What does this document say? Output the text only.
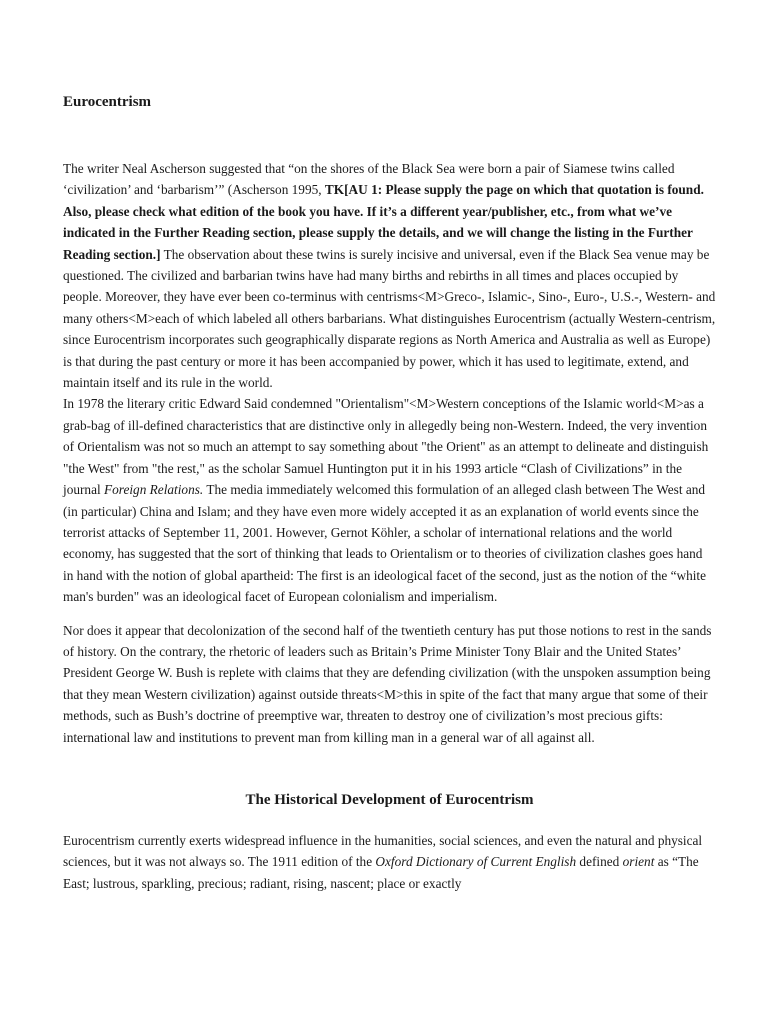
Eurocentrism

The writer Neal Ascherson suggested that “on the shores of the Black Sea were born a pair of Siamese twins called ‘civilization’ and ‘barbarism’” (Ascherson 1995, TK[AU 1: Please supply the page on which that quotation is found. Also, please check what edition of the book you have. If it’s a different year/publisher, etc., from what we’ve indicated in the Further Reading section, please supply the details, and we will change the listing in the Further Reading section.] The observation about these twins is surely incisive and universal, even if the Black Sea venue may be questioned. The civilized and barbarian twins have had many births and rebirths in all times and places occupied by people. Moreover, they have ever been co-terminus with centrisms<M>Greco-, Islamic-, Sino-, Euro-, U.S.-, Western- and many others<M>each of which labeled all others barbarians. What distinguishes Eurocentrism (actually Western-centrism, since Eurocentrism incorporates such geographically disparate regions as North America and Australia as well as Europe) is that during the past century or more it has been accompanied by power, which it has used to legitimate, extend, and maintain itself and its rule in the world.

In 1978 the literary critic Edward Said condemned "Orientalism"<M>Western conceptions of the Islamic world<M>as a grab-bag of ill-defined characteristics that are distinctive only in allegedly being non-Western. Indeed, the very invention of Orientalism was not so much an attempt to say something about "the Orient" as an attempt to delineate and distinguish "the West" from "the rest," as the scholar Samuel Huntington put it in his 1993 article “Clash of Civilizations” in the journal Foreign Relations. The media immediately welcomed this formulation of an alleged clash between The West and (in particular) China and Islam; and they have even more widely accepted it as an explanation of world events since the terrorist attacks of September 11, 2001. However, Gernot Köhler, a scholar of international relations and the world economy, has suggested that the sort of thinking that leads to Orientalism or to theories of civilization clashes goes hand in hand with the notion of global apartheid: The first is an ideological facet of the second, just as the notion of the “white man's burden" was an ideological facet of European colonialism and imperialism.

Nor does it appear that decolonization of the second half of the twentieth century has put those notions to rest in the sands of history. On the contrary, the rhetoric of leaders such as Britain’s Prime Minister Tony Blair and the United States’ President George W. Bush is replete with claims that they are defending civilization (with the unspoken assumption being that they mean Western civilization) against outside threats<M>this in spite of the fact that many argue that some of their methods, such as Bush’s doctrine of preemptive war, threaten to destroy one of civilization’s most precious gifts: international law and institutions to prevent man from killing man in a general war of all against all.

The Historical Development of Eurocentrism

Eurocentrism currently exerts widespread influence in the humanities, social sciences, and even the natural and physical sciences, but it was not always so. The 1911 edition of the Oxford Dictionary of Current English defined orient as “The East; lustrous, sparkling, precious; radiant, rising, nascent; place or exactly
